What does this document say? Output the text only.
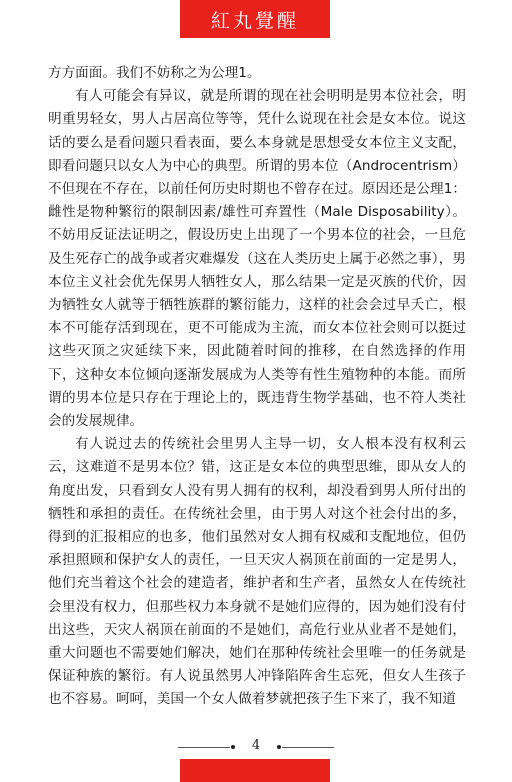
紅丸覺醒

方方面面。我们不妨称之为公理1。

有人可能会有异议，就是所谓的现在社会明明是男本位社会，明明重男轻女，男人占居高位等等，凭什么说现在社会是女本位。说这话的要么是看问题只看表面，要么本身就是思想受女本位主义支配，即看问题只以女人为中心的典型。所谓的男本位（Androcentrism）不但现在不存在，以前任何历史时期也不曾存在过。原因还是公理1：雌性是物种繁衍的限制因素/雄性可弃置性（Male Disposability）。不妨用反证法证明之，假设历史上出现了一个男本位的社会，一旦危及生死存亡的战争或者灾难爆发（这在人类历史上属于必然之事），男本位主义社会优先保男人牺牲女人，那么结果一定是灭族的代价，因为牺牲女人就等于牺牲族群的繁衍能力，这样的社会会过早夭亡，根本不可能存活到现在，更不可能成为主流，而女本位社会则可以挺过这些灭顶之灾延续下来，因此随着时间的推移，在自然选择的作用下，这种女本位倾向逐渐发展成为人类等有性生殖物种的本能。而所谓的男本位是只存在于理论上的，既违背生物学基础，也不符人类社会的发展规律。

有人说过去的传统社会里男人主导一切，女人根本没有权利云云，这难道不是男本位？错，这正是女本位的典型思维，即从女人的角度出发，只看到女人没有男人拥有的权利，却没看到男人所付出的牺牲和承担的责任。在传统社会里，由于男人对这个社会付出的多，得到的汇报相应的也多，他们虽然对女人拥有权威和支配地位，但仍承担照顾和保护女人的责任，一旦天灾人祸顶在前面的一定是男人，他们充当着这个社会的建造者，维护者和生产者，虽然女人在传统社会里没有权力，但那些权力本身就不是她们应得的，因为她们没有付出这些，天灾人祸顶在前面的不是她们，高危行业从业者不是她们，重大问题也不需要她们解决，她们在那种传统社会里唯一的任务就是保证种族的繁衍。有人说虽然男人冲锋陷阵舍生忘死，但女人生孩子也不容易。呵呵，美国一个女人做着梦就把孩子生下来了，我不知道

4
